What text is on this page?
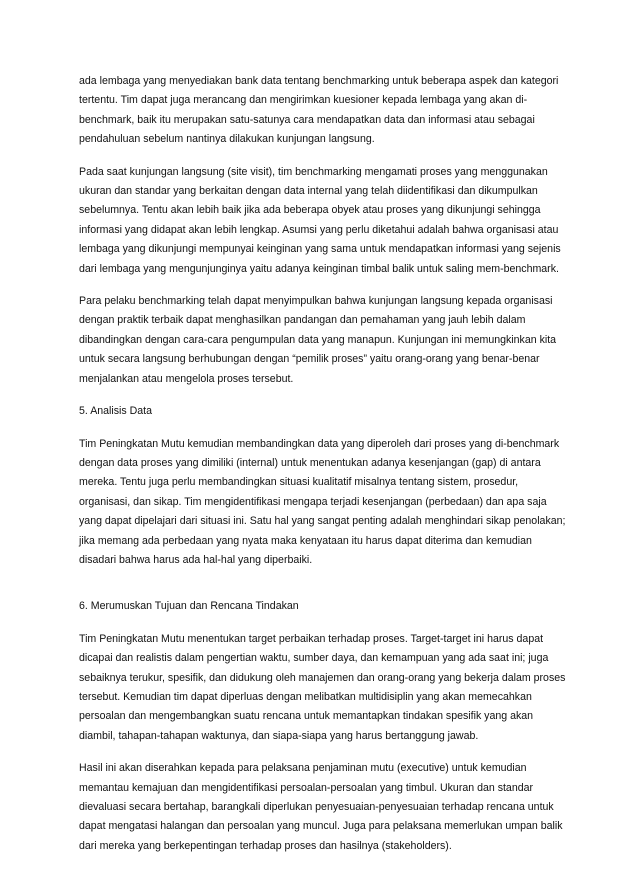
ada lembaga yang menyediakan bank data tentang benchmarking untuk beberapa aspek dan kategori
tertentu. Tim dapat juga merancang dan mengirimkan kuesioner kepada lembaga yang akan di-
benchmark, baik itu merupakan satu-satunya cara mendapatkan data dan informasi atau sebagai
pendahuluan sebelum nantinya dilakukan kunjungan langsung.
Pada saat kunjungan langsung (site visit), tim benchmarking mengamati proses yang menggunakan
ukuran dan standar yang berkaitan dengan data internal yang telah diidentifikasi dan dikumpulkan
sebelumnya. Tentu akan lebih baik jika ada beberapa obyek atau proses yang dikunjungi sehingga
informasi yang didapat akan lebih lengkap. Asumsi yang perlu diketahui adalah bahwa organisasi atau
lembaga yang dikunjungi mempunyai keinginan yang sama untuk mendapatkan informasi yang sejenis
dari lembaga yang mengunjunginya yaitu adanya keinginan timbal balik untuk saling mem-benchmark.
Para pelaku benchmarking telah dapat menyimpulkan bahwa kunjungan langsung kepada organisasi
dengan praktik terbaik dapat menghasilkan pandangan dan pemahaman yang jauh lebih dalam
dibandingkan dengan cara-cara pengumpulan data yang manapun. Kunjungan ini memungkinkan kita
untuk secara langsung berhubungan dengan “pemilik proses” yaitu orang-orang yang benar-benar
menjalankan atau mengelola proses tersebut.
5. Analisis Data
Tim Peningkatan Mutu kemudian membandingkan data yang diperoleh dari proses yang di-benchmark
dengan data proses yang dimiliki (internal) untuk menentukan adanya kesenjangan (gap) di antara
mereka. Tentu juga perlu membandingkan situasi kualitatif misalnya tentang sistem, prosedur,
organisasi, dan sikap. Tim mengidentifikasi mengapa terjadi kesenjangan (perbedaan) dan apa saja
yang dapat dipelajari dari situasi ini. Satu hal yang sangat penting adalah menghindari sikap penolakan;
jika memang ada perbedaan yang nyata maka kenyataan itu harus dapat diterima dan kemudian
disadari bahwa harus ada hal-hal yang diperbaiki.
6. Merumuskan Tujuan dan Rencana Tindakan
Tim Peningkatan Mutu menentukan target perbaikan terhadap proses. Target-target ini harus dapat
dicapai dan realistis dalam pengertian waktu, sumber daya, dan kemampuan yang ada saat ini; juga
sebaiknya terukur, spesifik, dan didukung oleh manajemen dan orang-orang yang bekerja dalam proses
tersebut. Kemudian tim dapat diperluas dengan melibatkan multidisiplin yang akan memecahkan
persoalan dan mengembangkan suatu rencana untuk memantapkan tindakan spesifik yang akan
diambil, tahapan-tahapan waktunya, dan siapa-siapa yang harus bertanggung jawab.
Hasil ini akan diserahkan kepada para pelaksana penjaminan mutu (executive) untuk kemudian
memantau kemajuan dan mengidentifikasi persoalan-persoalan yang timbul. Ukuran dan standar
dievaluasi secara bertahap, barangkali diperlukan penyesuaian-penyesuaian terhadap rencana untuk
dapat mengatasi halangan dan persoalan yang muncul. Juga para pelaksana memerlukan umpan balik
dari mereka yang berkepentingan terhadap proses dan hasilnya (stakeholders).
